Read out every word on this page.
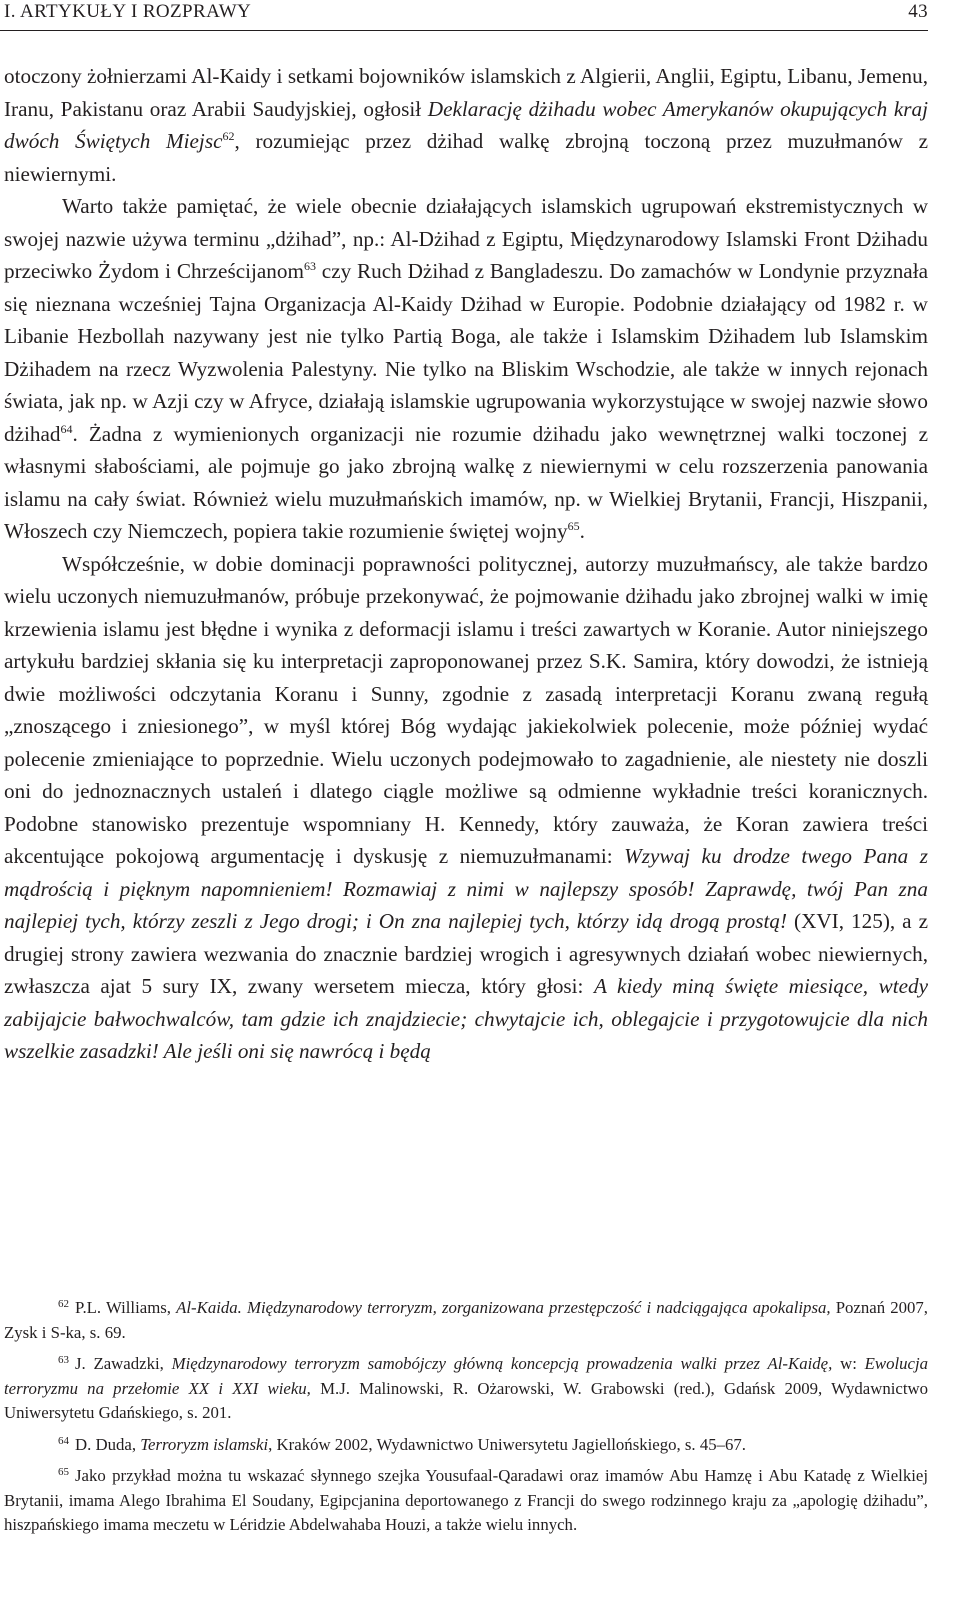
I. ARTYKUŁY I ROZPRAWY	43

otoczony żołnierzami Al-Kaidy i setkami bojowników islamskich z Algierii, Anglii, Egiptu, Libanu, Jemenu, Iranu, Pakistanu oraz Arabii Saudyjskiej, ogłosił Deklarację dżihadu wobec Amerykanów okupujących kraj dwóch Świętych Miejsc$^{62}$, rozumiejąc przez dżihad walkę zbrojną toczoną przez muzułmanów z niewiernymi.

Warto także pamiętać, że wiele obecnie działających islamskich ugrupowań ekstremistycznych w swojej nazwie używa terminu „dżihad”, np.: Al-Dżihad z Egiptu, Międzynarodowy Islamski Front Dżihadu przeciwko Żydom i Chrześcijanom$^{63}$ czy Ruch Dżihad z Bangladeszu. Do zamachów w Londynie przyznała się nieznana wcześniej Tajna Organizacja Al-Kaidy Dżihad w Europie. Podobnie działający od 1982 r. w Libanie Hezbollah nazywany jest nie tylko Partią Boga, ale także i Islamskim Dżihadem lub Islamskim Dżihadem na rzecz Wyzwolenia Palestyny. Nie tylko na Bliskim Wschodzie, ale także w innych rejonach świata, jak np. w Azji czy w Afryce, działają islamskie ugrupowania wykorzystujące w swojej nazwie słowo dżihad$^{64}$. Żadna z wymienionych organizacji nie rozumie dżihadu jako wewnętrznej walki toczonej z własnymi słabościami, ale pojmuje go jako zbrojną walkę z niewiernymi w celu rozszerzenia panowania islamu na cały świat. Również wielu muzułmańskich imamów, np. w Wielkiej Brytanii, Francji, Hiszpanii, Włoszech czy Niemczech, popiera takie rozumienie świętej wojny$^{65}$.

Współcześnie, w dobie dominacji poprawności politycznej, autorzy muzułmańscy, ale także bardzo wielu uczonych niemuzułmanów, próbuje przekonywać, że pojmowanie dżihadu jako zbrojnej walki w imię krzewienia islamu jest błędne i wynika z deformacji islamu i treści zawartych w Koranie. Autor niniejszego artykułu bardziej skłania się ku interpretacji zaproponowanej przez S.K. Samira, który dowodzi, że istnieją dwie możliwości odczytania Koranu i Sunny, zgodnie z zasadą interpretacji Koranu zwaną regułą „znoszącego i zniesionego”, w myśl której Bóg wydając jakiekolwiek polecenie, może później wydać polecenie zmieniające to poprzednie. Wielu uczonych podejmowało to zagadnienie, ale niestety nie doszli oni do jednoznacznych ustaleń i dlatego ciągle możliwe są odmienne wykładnie treści koranicznych. Podobne stanowisko prezentuje wspomniany H. Kennedy, który zauważa, że Koran zawiera treści akcentujące pokojową argumentację i dyskusję z niemuzułmanami: Wzywaj ku drodze twego Pana z mądrością i pięknym napomnieniem! Rozmawiaj z nimi w najlepszy sposób! Zaprawdę, twój Pan zna najlepiej tych, którzy zeszli z Jego drogi; i On zna najlepiej tych, którzy idą drogą prostą! (XVI, 125), a z drugiej strony zawiera wezwania do znacznie bardziej wrogich i agresywnych działań wobec niewiernych, zwłaszcza ajat 5 sury IX, zwany wersetem miecza, który głosi: A kiedy miną święte miesiące, wtedy zabijajcie bałwochwalców, tam gdzie ich znajdziecie; chwytajcie ich, oblegajcie i przygotowujcie dla nich wszelkie zasadzki! Ale jeśli oni się nawrócą i będą

$^{62}$ P.L. Williams, Al-Kaida. Międzynarodowy terroryzm, zorganizowana przestępczość i nadciągająca apokalipsa, Poznań 2007, Zysk i S-ka, s. 69.

$^{63}$ J. Zawadzki, Międzynarodowy terroryzm samobójczy główną koncepcją prowadzenia walki przez Al-Kaidę, w: Ewolucja terroryzmu na przełomie XX i XXI wieku, M.J. Malinowski, R. Ożarowski, W. Grabowski (red.), Gdańsk 2009, Wydawnictwo Uniwersytetu Gdańskiego, s. 201.

$^{64}$ D. Duda, Terroryzm islamski, Kraków 2002, Wydawnictwo Uniwersytetu Jagiellońskiego, s. 45–67.

$^{65}$ Jako przykład można tu wskazać słynnego szejka Yousufaal-Qaradawi oraz imamów Abu Hamzę i Abu Katadę z Wielkiej Brytanii, imama Alego Ibrahima El Soudany, Egipcjanina deportowanego z Francji do swego rodzinnego kraju za „apologię dżihadu”, hiszpańskiego imama meczetu w Léridzie Abdelwahaba Houzi, a także wielu innych.
